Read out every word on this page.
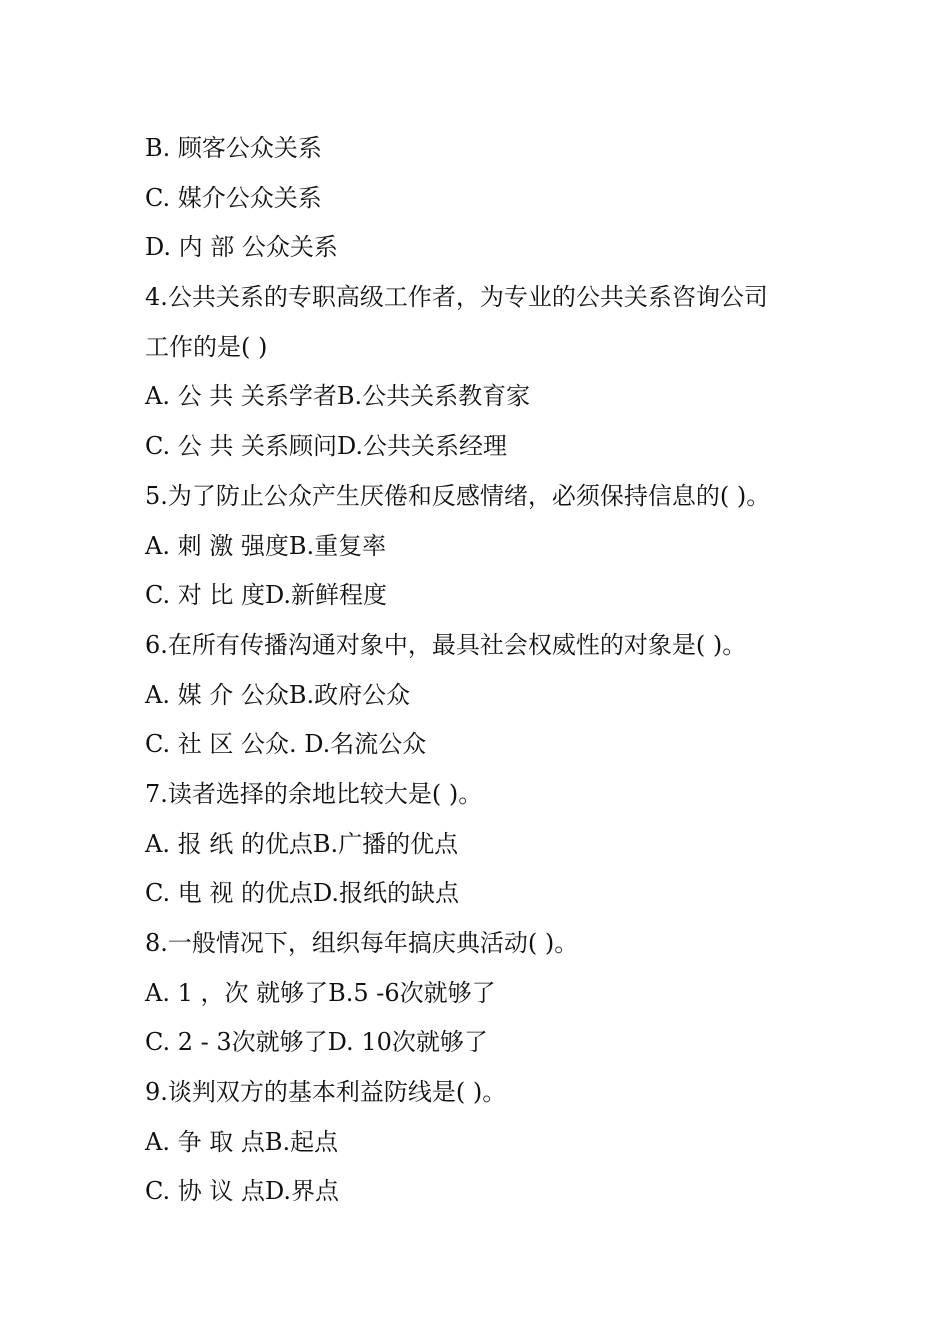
B. 顾客公众关系
C. 媒介公众关系
D. 内 部 公众关系
4.公共关系的专职高级工作者，为专业的公共关系咨询公司
工作的是( )
A. 公 共 关系学者B.公共关系教育家
C. 公 共 关系顾问D.公共关系经理
5.为了防止公众产生厌倦和反感情绪，必须保持信息的( )。
A. 刺 激 强度B.重复率
C. 对 比 度D.新鲜程度
6.在所有传播沟通对象中，最具社会权威性的对象是( )。
A. 媒 介 公众B.政府公众
C. 社 区 公众. D.名流公众
7.读者选择的余地比较大是( )。
A. 报 纸 的优点B.广播的优点
C. 电 视 的优点D.报纸的缺点
8.一般情况下，组织每年搞庆典活动( )。
A. 1 ，次 就够了B.5 -6次就够了
C. 2 - 3次就够了D. 10次就够了
9.谈判双方的基本利益防线是( )。
A. 争 取 点B.起点
C. 协 议 点D.界点
